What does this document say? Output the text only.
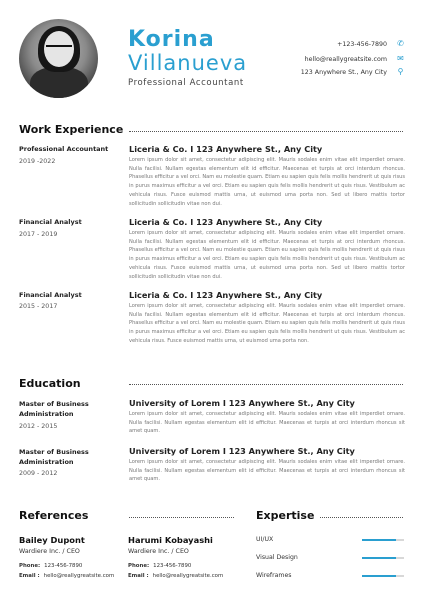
Korina
Villanueva
Professional Accountant
+123-456-7890 ✆
hello@reallygreatsite.com ✉
123 Anywhere St., Any City ⚲
Work Experience
Professional Accountant
2019 -2022
Liceria & Co. I 123 Anywhere St., Any City
Lorem ipsum dolor sit amet, consectetur adipiscing elit. Mauris sodales enim vitae elit imperdiet ornare. Nulla facilisi. Nullam egestas elementum elit id efficitur. Maecenas et turpis at orci interdum rhoncus. Phasellus efficitur a vel orci. Nam eu molestie quam. Etiam eu sapien quis felis mollis hendrerit ut quis risus in purus maximus efficitur a vel orci. Etiam eu sapien quis felis mollis hendrerit ut quis risus. Vestibulum ac vehicula risus. Fusce euismod mattis urna, ut euismod uma porta non. Sed ut libero mattis tortor sollicitudin sollicitudin vitae non dui.
Financial Analyst
2017 - 2019
Liceria & Co. I 123 Anywhere St., Any City
Lorem ipsum dolor sit amet, consectetur adipiscing elit. Mauris sodales enim vitae elit imperdiet ornare. Nulla facilisi. Nullam egestas elementum elit id efficitur. Maecenas et turpis at orci interdum rhoncus. Phasellus efficitur a vel orci. Nam eu molestie quam. Etiam eu sapien quis felis mollis hendrerit ut quis risus in purus maximus efficitur a vel orci. Etiam eu sapien quis felis mollis hendrerit ut quis risus. Vestibulum ac vehicula risus. Fusce euismod mattis urna, ut euismod uma porta non. Sed ut libero mattis tortor sollicitudin sollicitudin vitae non dui.
Financial Analyst
2015 - 2017
Liceria & Co. I 123 Anywhere St., Any City
Lorem ipsum dolor sit amet, consectetur adipiscing elit. Mauris sodales enim vitae elit imperdiet ornare. Nulla facilisi. Nullam egestas elementum elit id efficitur. Maecenas et turpis at orci interdum rhoncus. Phasellus efficitur a vel orci. Nam eu molestie quam. Etiam eu sapien quis felis mollis hendrerit ut quis risus in purus maximus efficitur a vel orci. Etiam eu sapien quis felis mollis hendrerit ut quis risus. Vestibulum ac vehicula risus. Fusce euismod mattis urna, ut euismod uma porta non.
Education
Master of Business Administration
2012 - 2015
University of Lorem I 123 Anywhere St., Any City
Lorem ipsum dolor sit amet, consectetur adipiscing elit. Mauris sodales enim vitae elit imperdiet ornare. Nulla facilisi. Nullam egestas elementum elit id efficitur. Maecenas et turpis at orci interdum rhoncus sit amet quam.
Master of Business Administration
2009 - 2012
University of Lorem I 123 Anywhere St., Any City
Lorem ipsum dolor sit amet, consectetur adipiscing elit. Mauris sodales enim vitae elit imperdiet ornare. Nulla facilisi. Nullam egestas elementum elit id efficitur. Maecenas et turpis at orci interdum rhoncus sit amet quam.
References
Bailey Dupont
Wardiere Inc. / CEO
Phone: 123-456-7890
Email : hello@reallygreatsite.com
Harumi Kobayashi
Wardiere Inc. / CEO
Phone: 123-456-7890
Email : hello@reallygreatsite.com
Expertise
UI/UX
Visual Design
Wireframes
